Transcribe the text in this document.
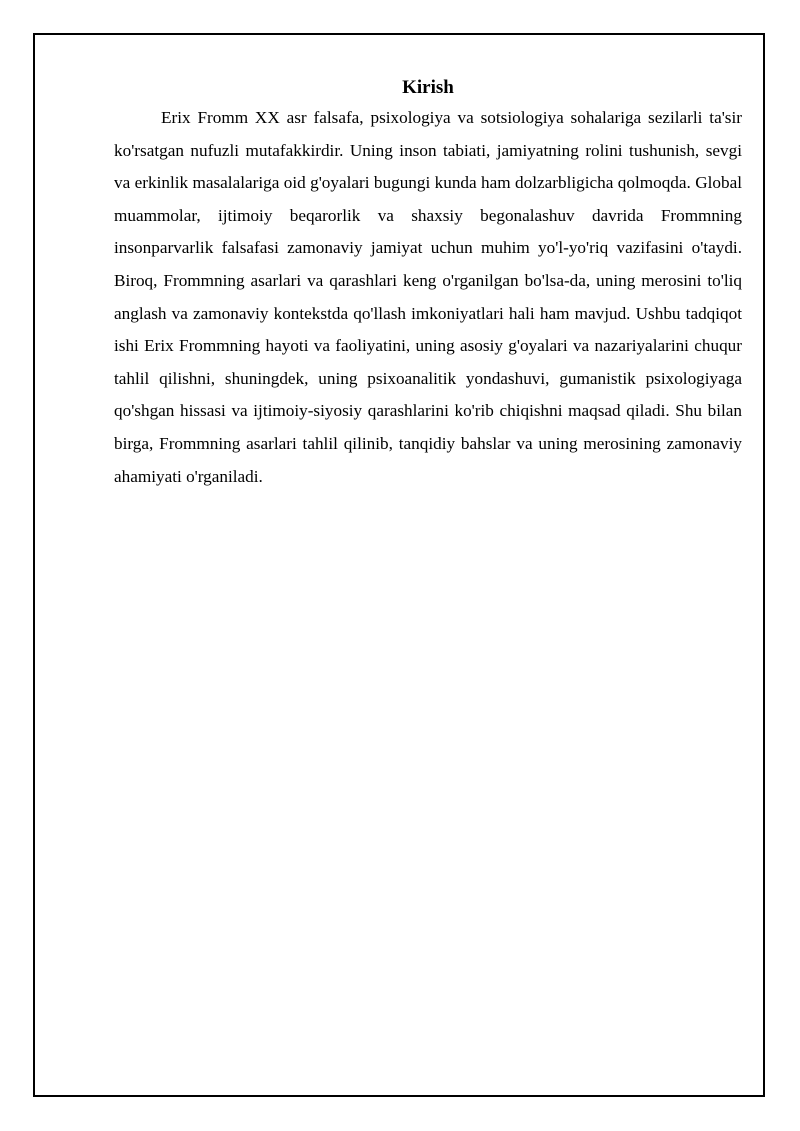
Kirish

Erix Fromm XX asr falsafa, psixologiya va sotsiologiya sohalariga sezilarli ta'sir ko'rsatgan nufuzli mutafakkirdir. Uning inson tabiati, jamiyatning rolini tushunish, sevgi va erkinlik masalalariga oid g'oyalari bugungi kunda ham dolzarbligicha qolmoqda. Global muammolar, ijtimoiy beqarorlik va shaxsiy begonalashuv davrida Frommning insonparvarlik falsafasi zamonaviy jamiyat uchun muhim yo'l-yo'riq vazifasini o'taydi. Biroq, Frommning asarlari va qarashlari keng o'rganilgan bo'lsa-da, uning merosini to'liq anglash va zamonaviy kontekstda qo'llash imkoniyatlari hali ham mavjud. Ushbu tadqiqot ishi Erix Frommning hayoti va faoliyatini, uning asosiy g'oyalari va nazariyalarini chuqur tahlil qilishni, shuningdek, uning psixoanalitik yondashuvi, gumanistik psixologiyaga qo'shgan hissasi va ijtimoiy-siyosiy qarashlarini ko'rib chiqishni maqsad qiladi. Shu bilan birga, Frommning asarlari tahlil qilinib, tanqidiy bahslar va uning merosining zamonaviy ahamiyati o'rganiladi.
